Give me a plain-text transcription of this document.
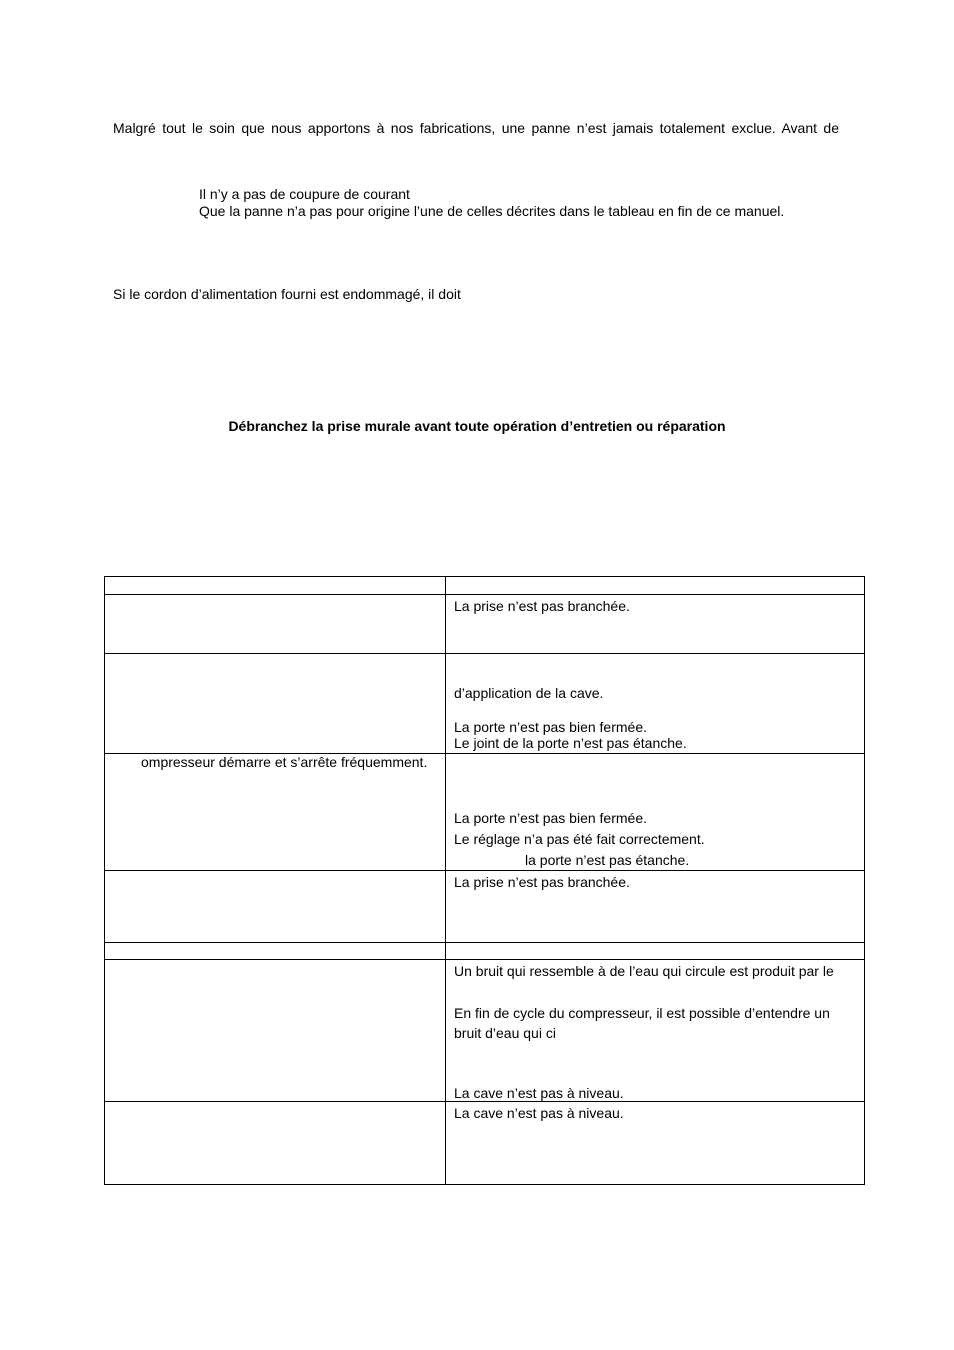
Malgré tout le soin que nous apportons à nos fabrications, une panne n’est jamais totalement exclue. Avant de
Il n’y a pas de coupure de courant
Que la panne n’a pas pour origine l’une de celles décrites dans le tableau en fin de ce manuel.
Si le cordon d’alimentation fourni est endommagé, il doit
Débranchez la prise murale avant toute opération d’entretien ou réparation

	La prise n’est pas branchée.

	d’application de la cave.
La porte n’est pas bien fermée.
Le joint de la porte n’est pas étanche.

ompresseur démarre et s’arrête fréquemment.	La porte n’est pas bien fermée.
Le réglage n’a pas été fait correctement.
la porte n’est pas étanche.

	La prise n’est pas branchée.

	Un bruit qui ressemble à de l’eau qui circule est produit par le
En fin de cycle du compresseur, il est possible d’entendre un
bruit d’eau qui ci
La cave n’est pas à niveau.

	La cave n’est pas à niveau.
